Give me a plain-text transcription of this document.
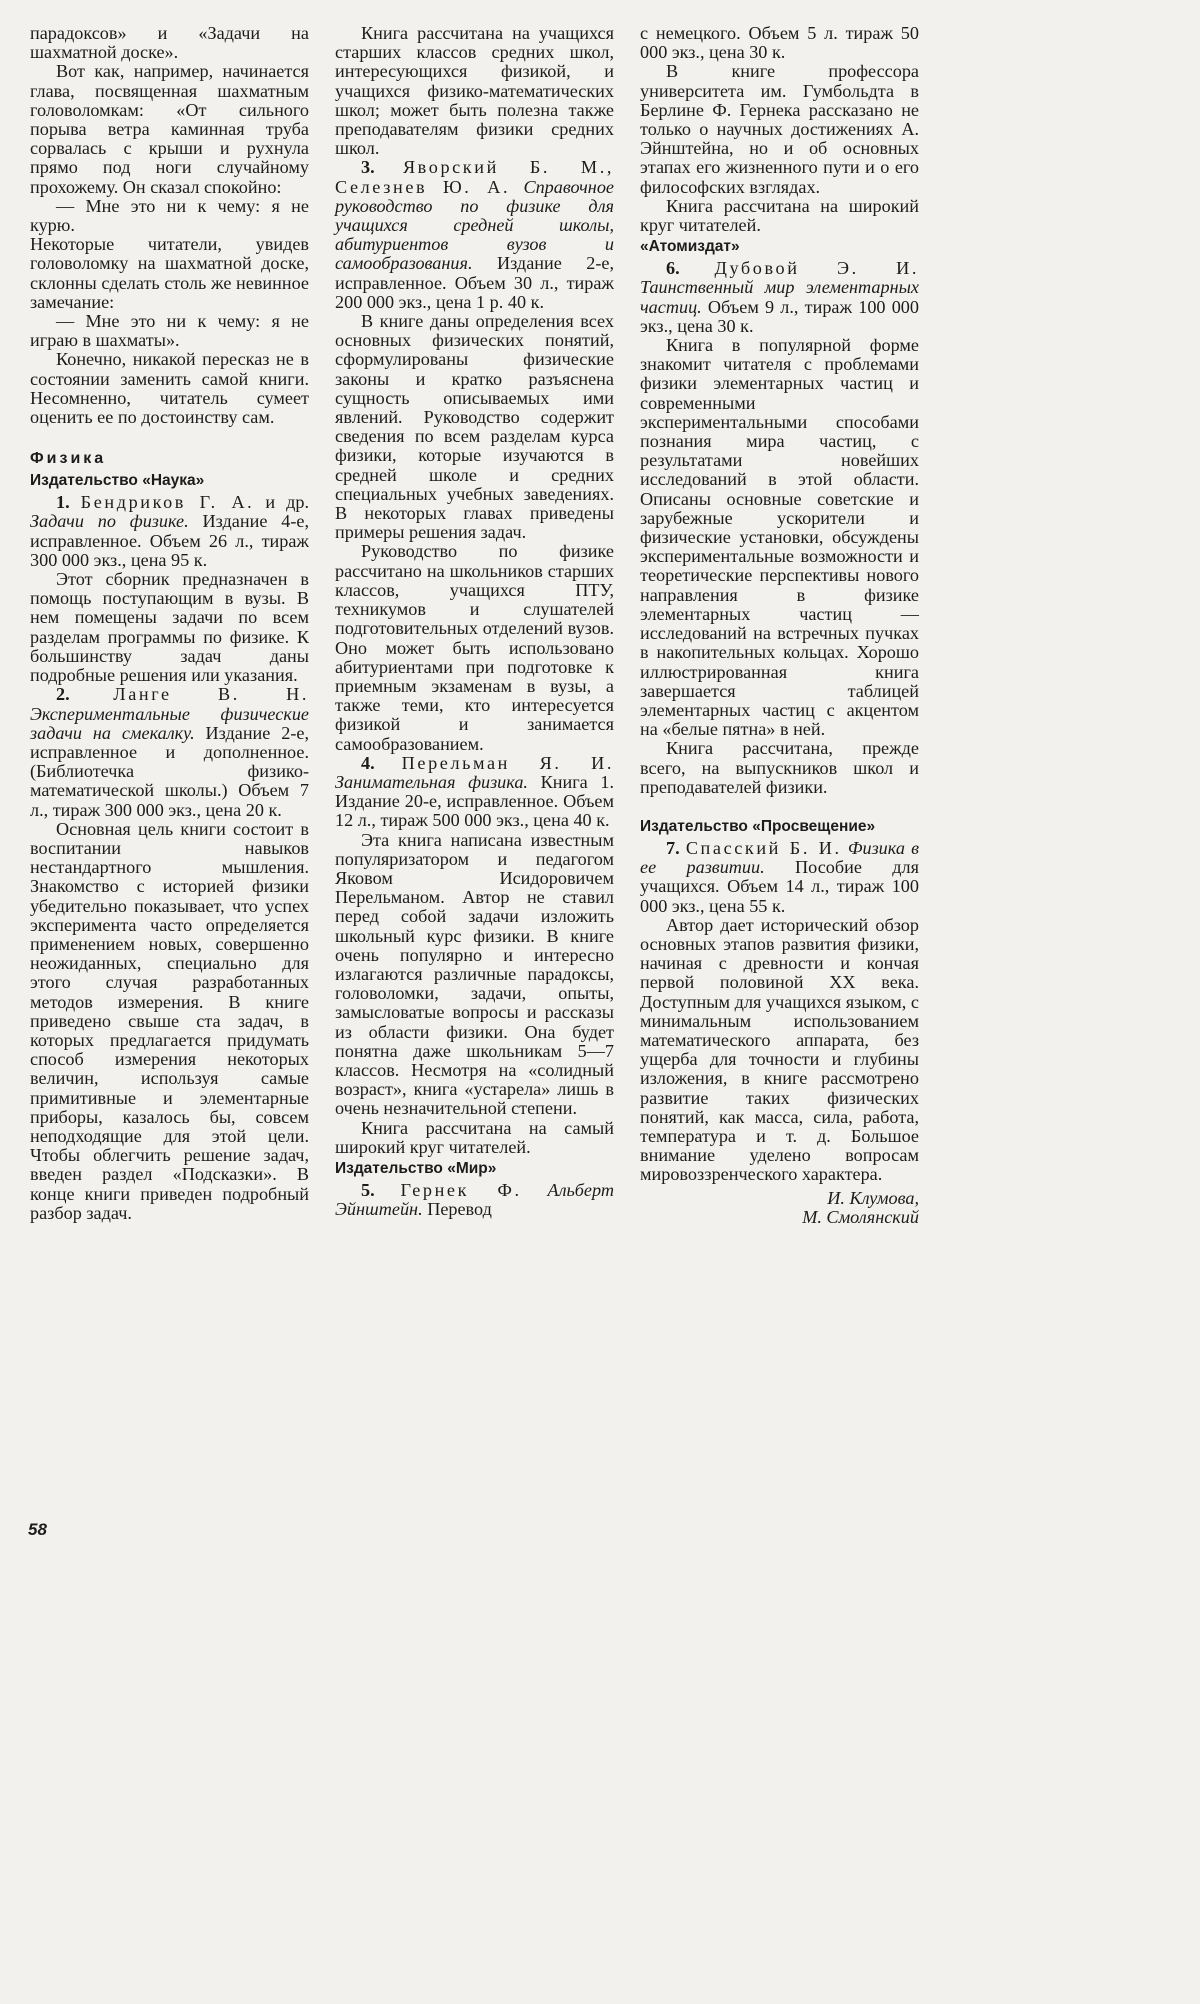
парадоксов» и «Задачи на шахматной доске».

Вот как, например, начинается глава, посвященная шахматным головоломкам: «От сильного порыва ветра каминная труба сорвалась с крыши и рухнула прямо под ноги случайному прохожему. Он сказал спокойно:

— Мне это ни к чему: я не курю.

Некоторые читатели, увидев головоломку на шахматной доске, склонны сделать столь же невинное замечание:

— Мне это ни к чему: я не играю в шахматы».

Конечно, никакой пересказ не в состоянии заменить самой книги. Несомненно, читатель сумеет оценить ее по достоинству сам.

Физика
Издательство «Наука»

1. Бендриков Г. А. и др. Задачи по физике. Издание 4-е, исправленное. Объем 26 л., тираж 300 000 экз., цена 95 к.

Этот сборник предназначен в помощь поступающим в вузы. В нем помещены задачи по всем разделам программы по физике. К большинству задач даны подробные решения или указания.

2. Ланге В. Н. Экспериментальные физические задачи на смекалку. Издание 2-е, исправленное и дополненное. (Библиотечка физико-математической школы.) Объем 7 л., тираж 300 000 экз., цена 20 к.

Основная цель книги состоит в воспитании навыков нестандартного мышления. Знакомство с историей физики убедительно показывает, что успех эксперимента часто определяется применением новых, совершенно неожиданных, специально для этого случая разработанных методов измерения. В книге приведено свыше ста задач, в которых предлагается придумать способ измерения некоторых величин, используя самые примитивные и элементарные приборы, казалось бы, совсем неподходящие для этой цели. Чтобы облегчить решение задач, введен раздел «Подсказки». В конце книги приведен подробный разбор задач.

Книга рассчитана на учащихся старших классов средних школ, интересующихся физикой, и учащихся физико-математических школ; может быть полезна также преподавателям физики средних школ.

3. Яворский Б. М., Селезнев Ю. А. Справочное руководство по физике для учащихся средней школы, абитуриентов вузов и самообразования. Издание 2-е, исправленное. Объем 30 л., тираж 200 000 экз., цена 1 р. 40 к.

В книге даны определения всех основных физических понятий, сформулированы физические законы и кратко разъяснена сущность описываемых ими явлений. Руководство содержит сведения по всем разделам курса физики, которые изучаются в средней школе и средних специальных учебных заведениях. В некоторых главах приведены примеры решения задач.

Руководство по физике рассчитано на школьников старших классов, учащихся ПТУ, техникумов и слушателей подготовительных отделений вузов. Оно может быть использовано абитуриентами при подготовке к приемным экзаменам в вузы, а также теми, кто интересуется физикой и занимается самообразованием.

4. Перельман Я. И. Занимательная физика. Книга 1. Издание 20-е, исправленное. Объем 12 л., тираж 500 000 экз., цена 40 к.

Эта книга написана известным популяризатором и педагогом Яковом Исидоровичем Перельманом. Автор не ставил перед собой задачи изложить школьный курс физики. В книге очень популярно и интересно излагаются различные парадоксы, головоломки, задачи, опыты, замысловатые вопросы и рассказы из области физики. Она будет понятна даже школьникам 5—7 классов. Несмотря на «солидный возраст», книга «устарела» лишь в очень незначительной степени.

Книга рассчитана на самый широкий круг читателей.

Издательство «Мир»

5. Гернек Ф. Альберт Эйнштейн. Перевод

с немецкого. Объем 5 л. тираж 50 000 экз., цена 30 к.

В книге профессора университета им. Гумбольдта в Берлине Ф. Гернека рассказано не только о научных достижениях А. Эйнштейна, но и об основных этапах его жизненного пути и о его философских взглядах.

Книга рассчитана на широкий круг читателей.

«Атомиздат»

6. Дубовой Э. И. Таинственный мир элементарных частиц. Объем 9 л., тираж 100 000 экз., цена 30 к.

Книга в популярной форме знакомит читателя с проблемами физики элементарных частиц и современными экспериментальными способами познания мира частиц, с результатами новейших исследований в этой области. Описаны основные советские и зарубежные ускорители и физические установки, обсуждены экспериментальные возможности и теоретические перспективы нового направления в физике элементарных частиц — исследований на встречных пучках в накопительных кольцах. Хорошо иллюстрированная книга завершается таблицей элементарных частиц с акцентом на «белые пятна» в ней.

Книга рассчитана, прежде всего, на выпускников школ и преподавателей физики.

Издательство «Просвещение»

7. Спасский Б. И. Физика в ее развитии. Пособие для учащихся. Объем 14 л., тираж 100 000 экз., цена 55 к.

Автор дает исторический обзор основных этапов развития физики, начиная с древности и кончая первой половиной XX века. Доступным для учащихся языком, с минимальным использованием математического аппарата, без ущерба для точности и глубины изложения, в книге рассмотрено развитие таких физических понятий, как масса, сила, работа, температура и т. д. Большое внимание уделено вопросам мировоззренческого характера.

И. Клумова,
М. Смолянский
58
